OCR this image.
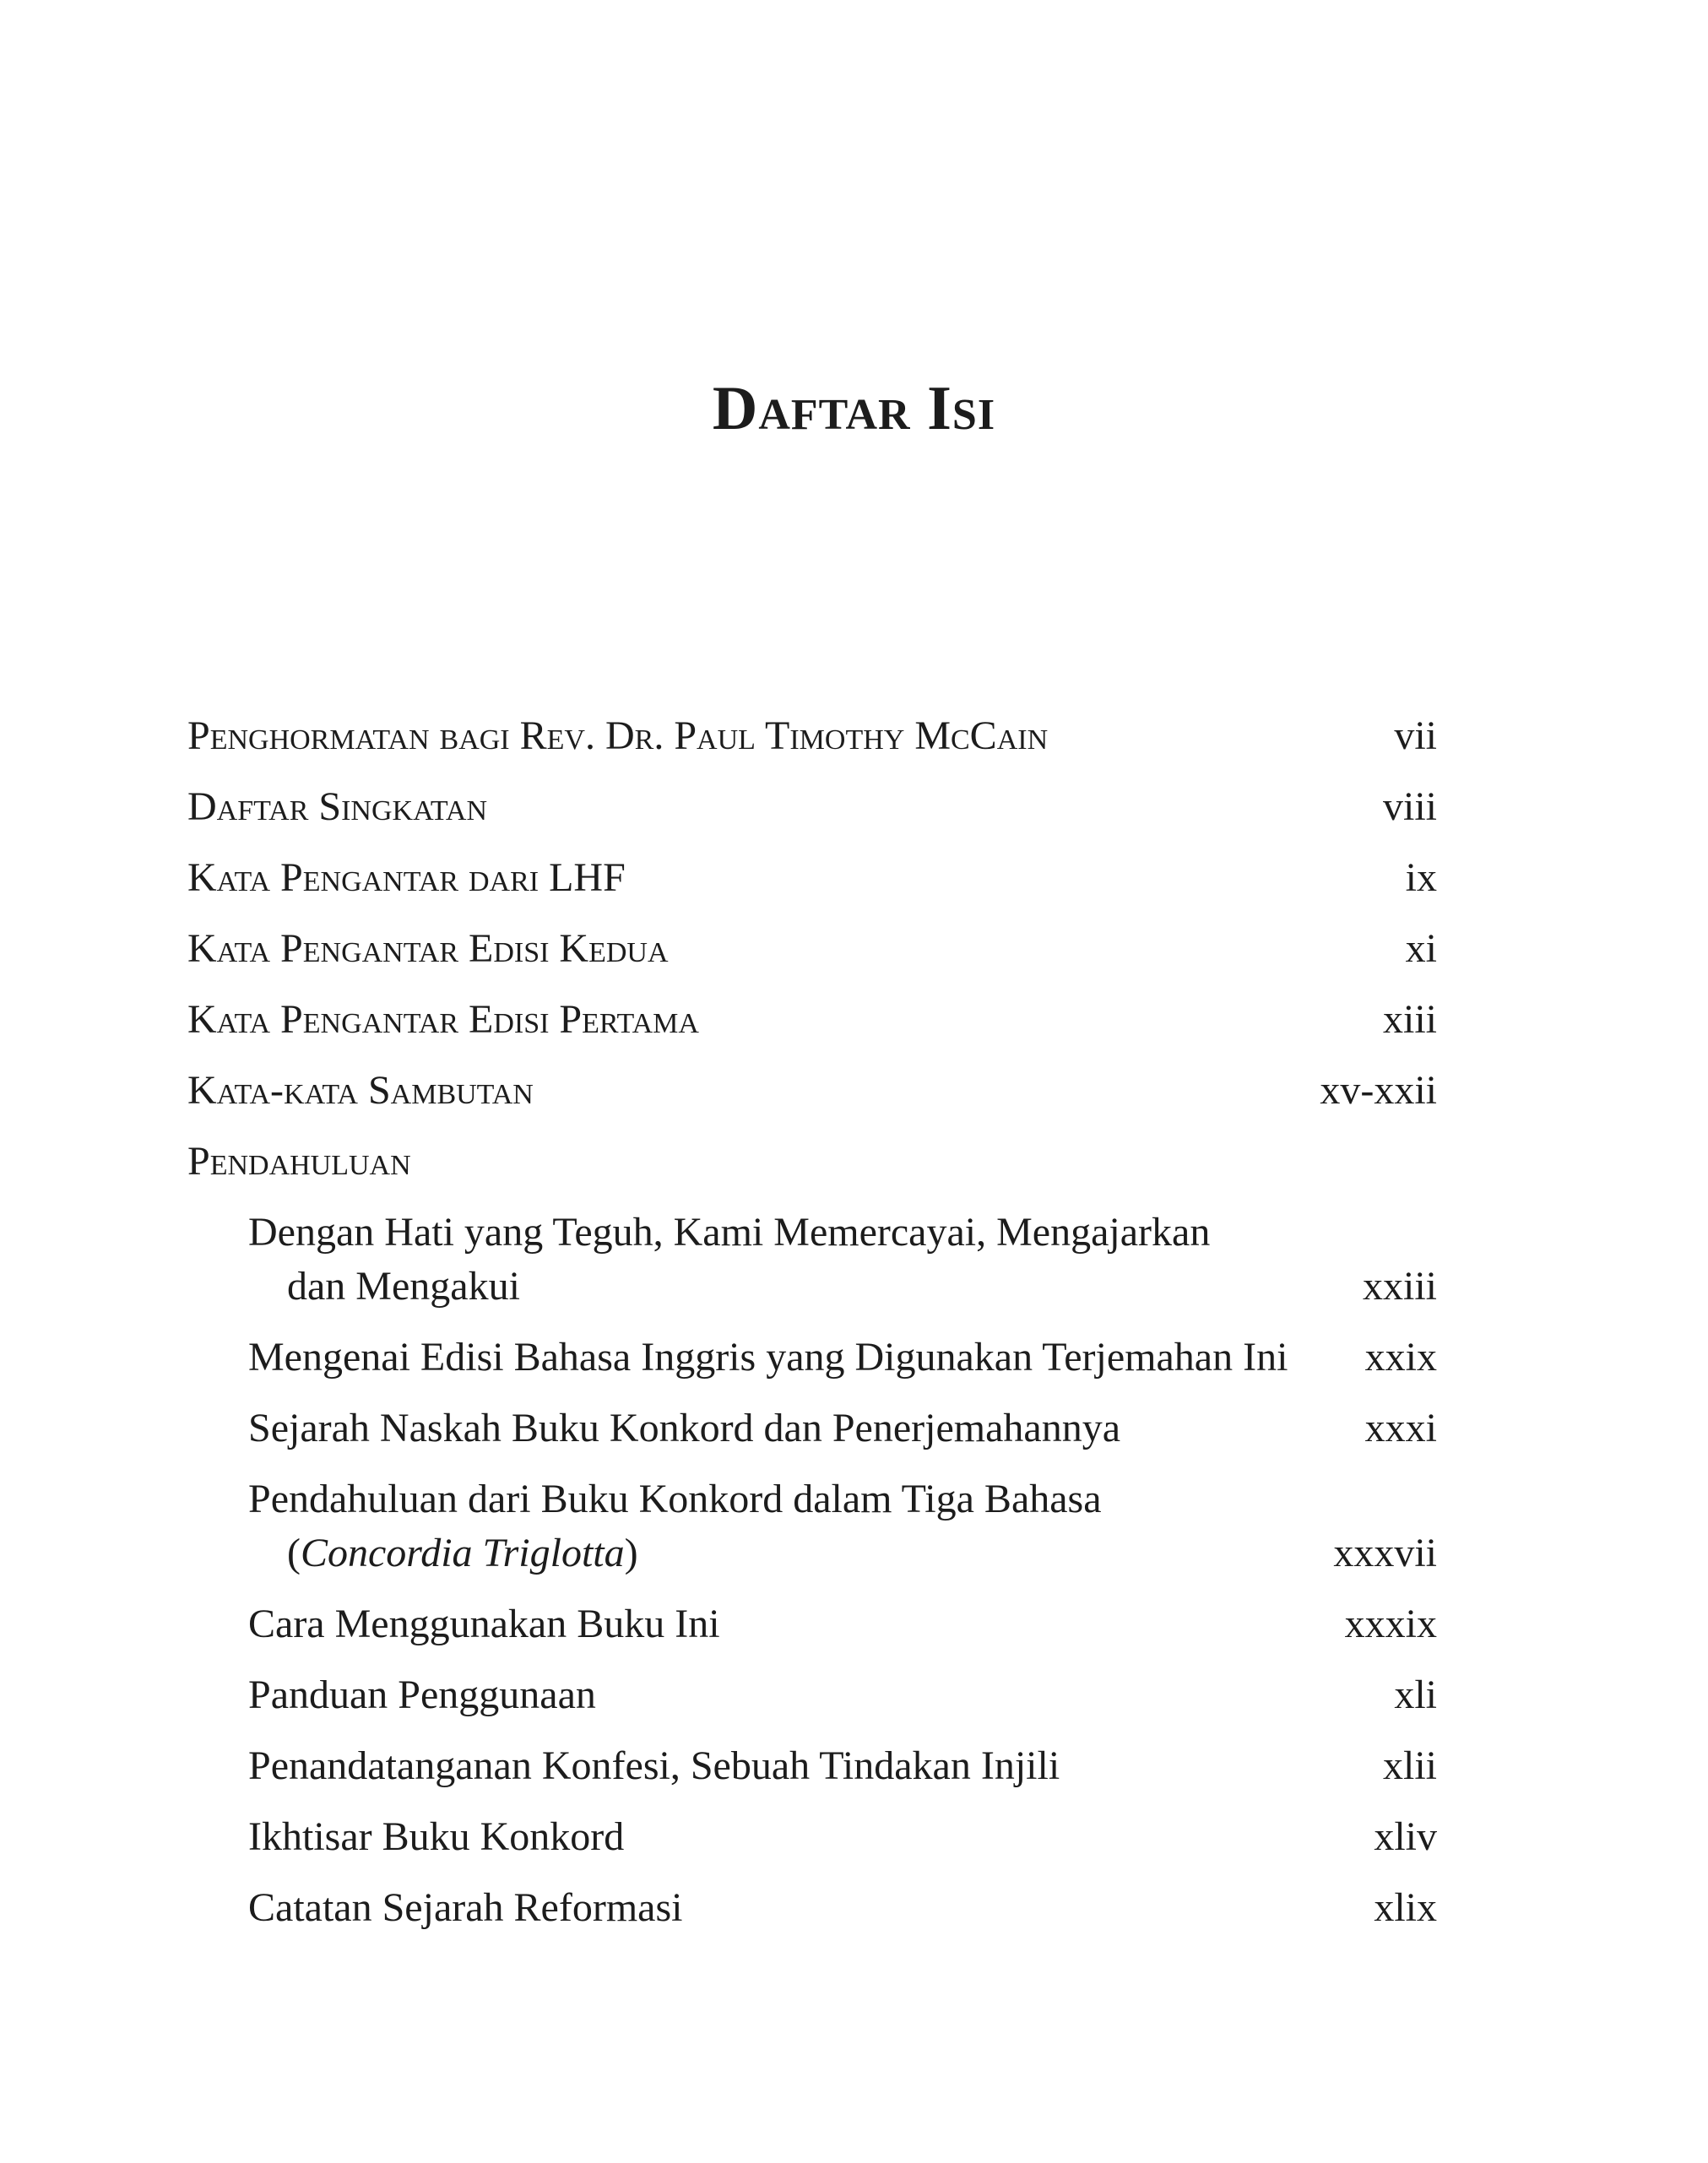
Daftar Isi
Penghormatan bagi Rev. Dr. Paul Timothy McCain	vii
Daftar Singkatan	viii
Kata Pengantar dari LHF	ix
Kata Pengantar Edisi Kedua	xi
Kata Pengantar Edisi Pertama	xiii
Kata-kata Sambutan	xv-xxii
Pendahuluan
Dengan Hati yang Teguh, Kami Memercayai, Mengajarkan
dan Mengakui	xxiii
Mengenai Edisi Bahasa Inggris yang Digunakan Terjemahan Ini	xxix
Sejarah Naskah Buku Konkord dan Penerjemahannya	xxxi
Pendahuluan dari Buku Konkord dalam Tiga Bahasa
(Concordia Triglotta)	xxxvii
Cara Menggunakan Buku Ini	xxxix
Panduan Penggunaan	xli
Penandatanganan Konfesi, Sebuah Tindakan Injili	xlii
Ikhtisar Buku Konkord	xliv
Catatan Sejarah Reformasi	xlix
